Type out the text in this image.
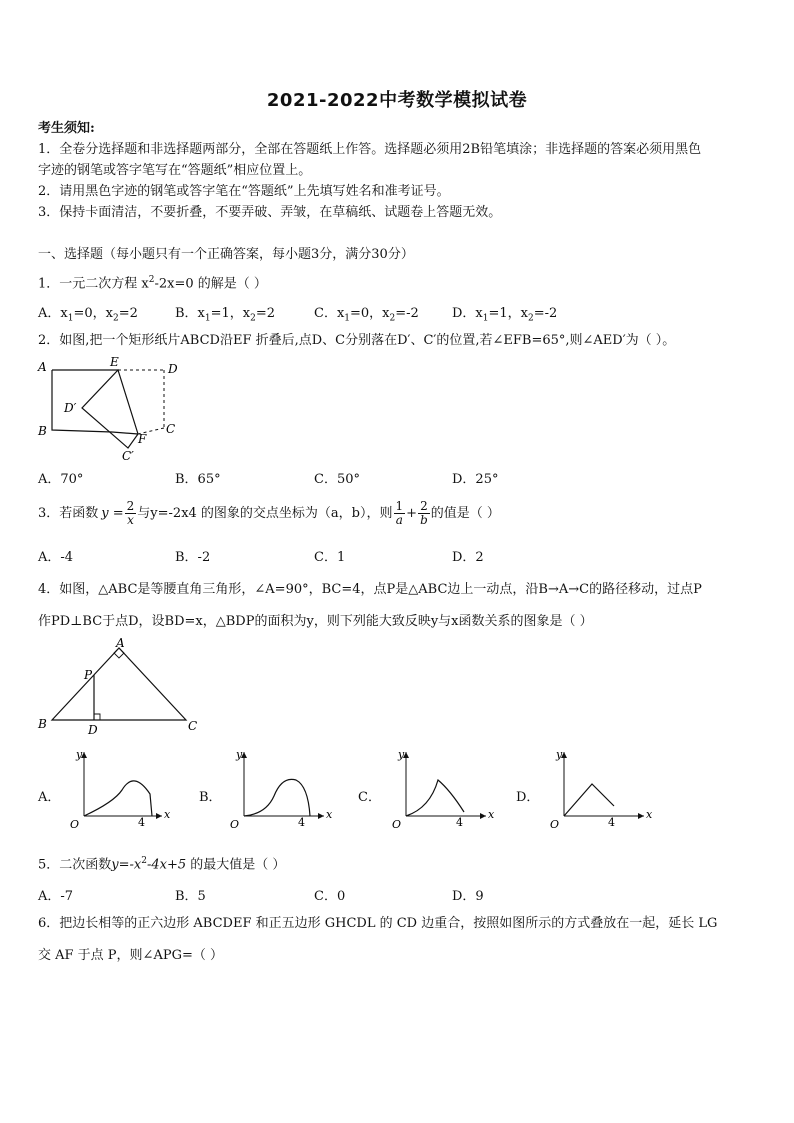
2021-2022中考数学模拟试卷
考生须知:
1．全卷分选择题和非选择题两部分，全部在答题纸上作答。选择题必须用2B铅笔填涂；非选择题的答案必须用黑色
字迹的钢笔或答字笔写在“答题纸”相应位置上。
2．请用黑色字迹的钢笔或答字笔在“答题纸”上先填写姓名和准考证号。
3．保持卡面清洁，不要折叠，不要弄破、弄皱，在草稿纸、试题卷上答题无效。
一、选择题（每小题只有一个正确答案，每小题3分，满分30分）
1．一元二次方程 $x^2-2x=0$ 的解是（ ）
A．$x_1=0$，$x_2=2$	B．$x_1=1$，$x_2=2$	C．$x_1=0$，$x_2=-2$	D．$x_1=1$，$x_2=-2$
2．如图,把一个矩形纸片ABCD沿EF 折叠后,点D、C分别落在D′、C′的位置,若∠EFB=65°,则∠AED′为（ ）。
A	E	D
D′
B
F
C
C′
A．70°	B．65°	C．50°	D．25°
3．若函数 $y = \frac{2}{x}$ 与y=-2x4 的图象的交点坐标为（a，b），则 $\frac{1}{a} + \frac{2}{b}$ 的值是（ ）
A．-4	B．-2	C．1	D．2
4．如图，△ABC是等腰直角三角形，∠A=90°，BC=4，点P是△ABC边上一动点，沿B→A→C的路径移动，过点P
作PD⊥BC于点D，设BD=x，△BDP的面积为y，则下列能大致反映y与x函数关系的图象是（ ）
A
P
B	D	C
A．
y
x
O	4
B．
y
x
O	4
C．
y
x
O	4
D．
y
x
O	4
5．二次函数$y=-x^2-4x+5$ 的最大值是（ ）
A．-7	B．5	C．0	D．9
6．把边长相等的正六边形 ABCDEF 和正五边形 GHCDL 的 CD 边重合，按照如图所示的方式叠放在一起，延长 LG
交 AF 于点 P，则∠APG=（ ）
